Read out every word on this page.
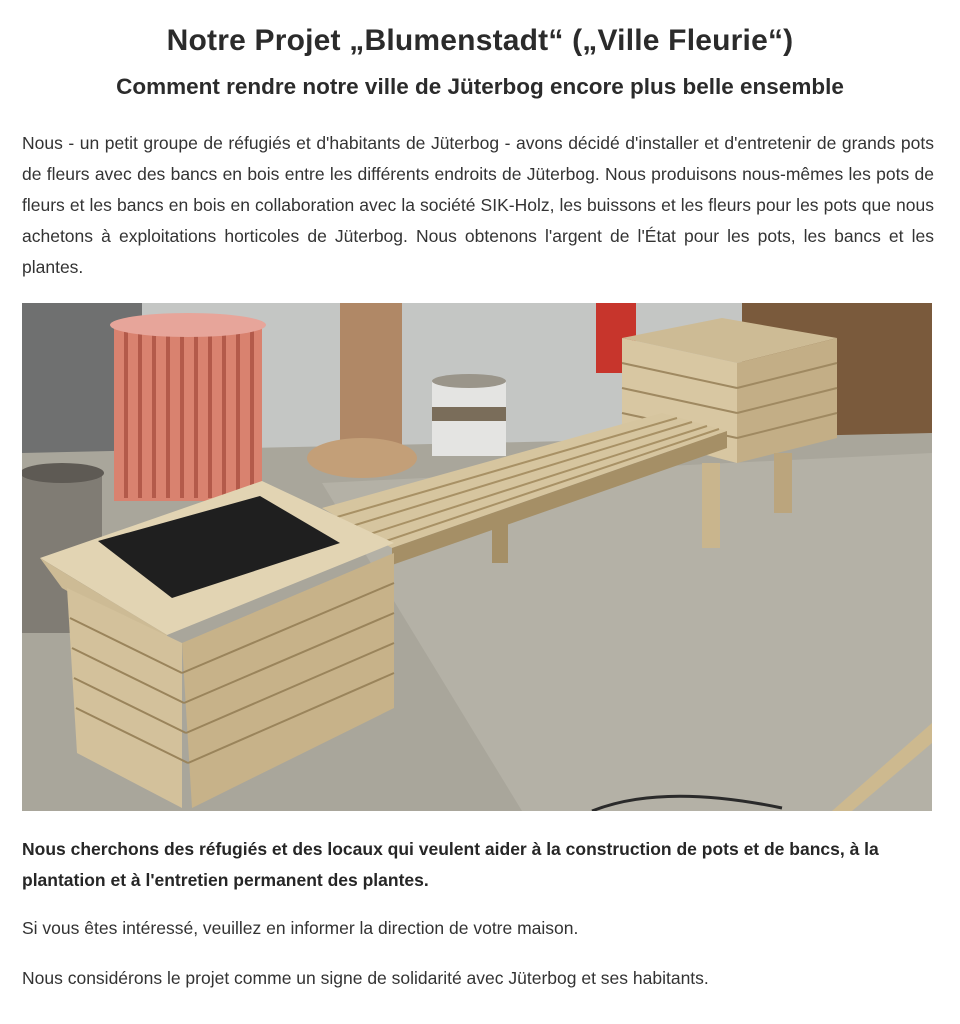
Notre Projet „Blumenstadt“ („Ville Fleurie“)
Comment rendre notre ville de Jüterbog encore plus belle ensemble

Nous - un petit groupe de réfugiés et d'habitants de Jüterbog - avons décidé d'installer et d'entretenir de grands pots de fleurs avec des bancs en bois entre les différents endroits de Jüterbog. Nous produisons nous-mêmes les pots de fleurs et les bancs en bois en collaboration avec la société SIK-Holz, les buissons et les fleurs pour les pots que nous achetons à exploitations horticoles de Jüterbog. Nous obtenons l'argent de l'État pour les pots, les bancs et les plantes.

Nous cherchons des réfugiés et des locaux qui veulent aider à la construction de pots et de bancs, à la plantation et à l'entretien permanent des plantes.

Si vous êtes intéressé, veuillez en informer la direction de votre maison.

Nous considérons le projet comme un signe de solidarité avec Jüterbog et ses habitants.
